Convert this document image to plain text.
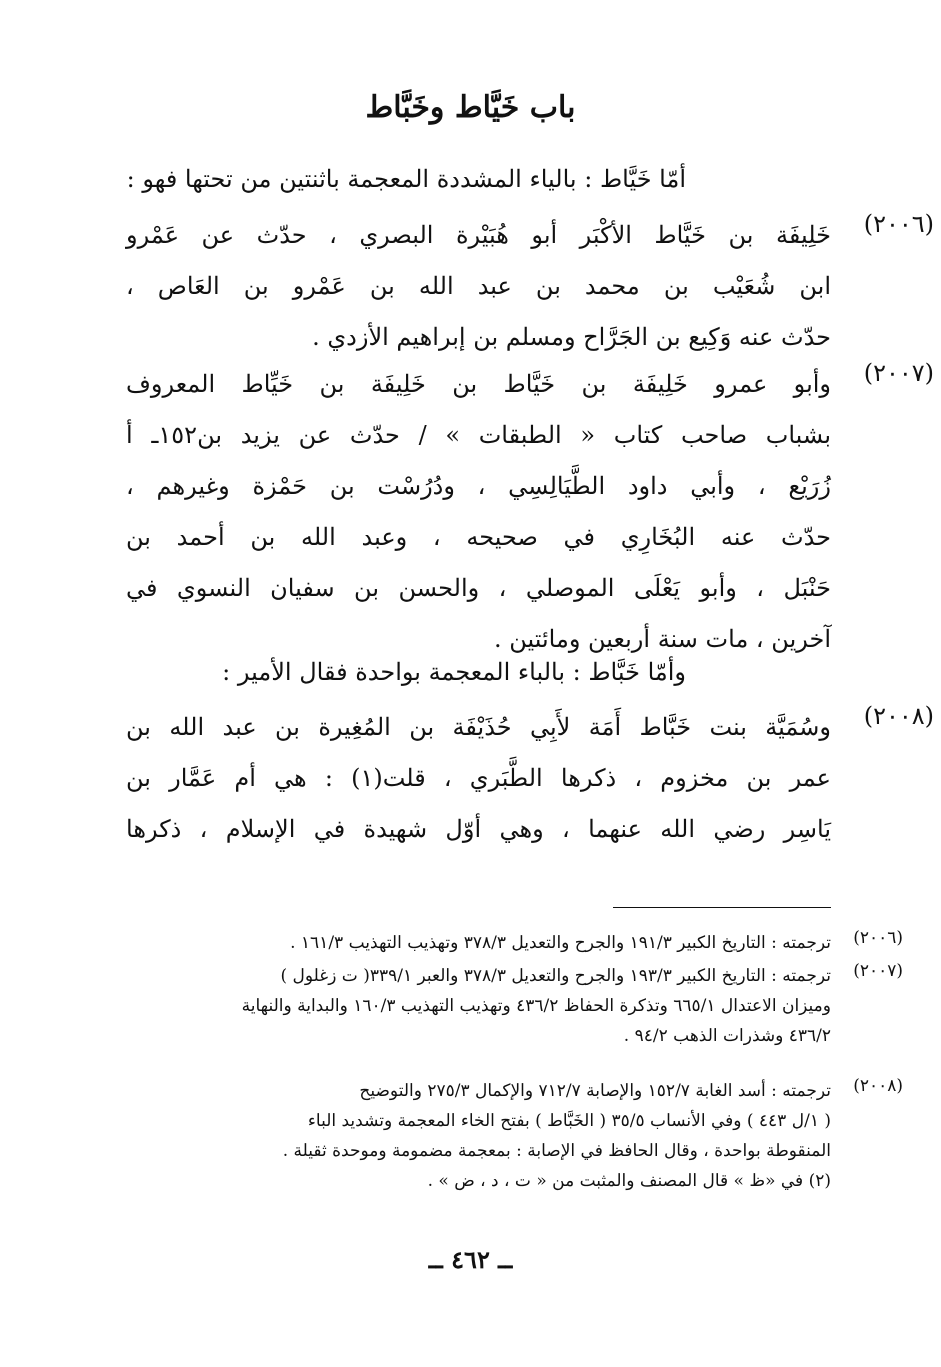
باب خَيَّاط وخَبَّاط
أمّا خَيَّاط : بالياء المشددة المعجمة باثنتين من تحتها فهو :
(٢٠٠٦)
خَلِيفَة بن خَيَّاط الأكْبَر أبو هُبَيْرة البصري ، حدّث عن عَمْرو
ابن شُعَيْب بن محمد بن عبد الله بن عَمْرو بن العَاص ،
حدّث عنه وَكِيع بن الجَرَّاح ومسلم بن إبراهيم الأزدي .
(٢٠٠٧)
وأبو عمرو خَلِيفَة بن خَيَّاط بن خَلِيفَة بن خَيِّاط المعروف
بشباب صاحب كتاب « الطبقات » / حدّث عن يزيد بن١٥٢ـ أ
زُرَيْع ، وأبي داود الطَّيَالِسِي ، ودُرُسْت بن حَمْزة وغيرهم ،
حدّث عنه البُخَارِي في صحيحه ، وعبد الله بن أحمد بن
حَنْبَل ، وأبو يَعْلَى الموصلي ، والحسن بن سفيان النسوي في
آخرين ، مات سنة أربعين ومائتين .
وأمّا خَبَّاط : بالباء المعجمة بواحدة فقال الأمير :
(٢٠٠٨)
وسُمَيَّة بنت خَبَّاط أَمَة لأَبِي حُذَيْفَة بن المُغِيرة بن عبد الله بن
عمر بن مخزوم ، ذكرها الطَّبَري ، قلت(١) : هي أم عَمَّار بن
يَاسِر رضي الله عنهما ، وهي أوّل شهيدة في الإسلام ، ذكرها
(٢٠٠٦)
ترجمته : التاريخ الكبير ١٩١/٣ والجرح والتعديل ٣٧٨/٣ وتهذيب التهذيب ١٦١/٣ .
(٢٠٠٧)
ترجمته : التاريخ الكبير ١٩٣/٣ والجرح والتعديل ٣٧٨/٣ والعبر ٣٣٩/١( ت زغلول )
وميزان الاعتدال ٦٦٥/١ وتذكرة الحفاظ ٤٣٦/٢ وتهذيب التهذيب ١٦٠/٣ والبداية والنهاية
٤٣٦/٢ وشذرات الذهب ٩٤/٢ .
(٢٠٠٨)
ترجمته : أسد الغابة ١٥٢/٧ والإصابة ٧١٢/٧ والإكمال ٢٧٥/٣ والتوضيح
( ١/ل ٤٤٣ ) وفي الأنساب ٣٥/٥ ( الخَبَّاط ) بفتح الخاء المعجمة وتشديد الباء
المنقوطة بواحدة ، وقال الحافظ في الإصابة : بمعجمة مضمومة وموحدة ثقيلة .
(٢) في «ظ » قال المصنف والمثبت من « ت ، د ، ض » .
ــ ٤٦٢ ــ
